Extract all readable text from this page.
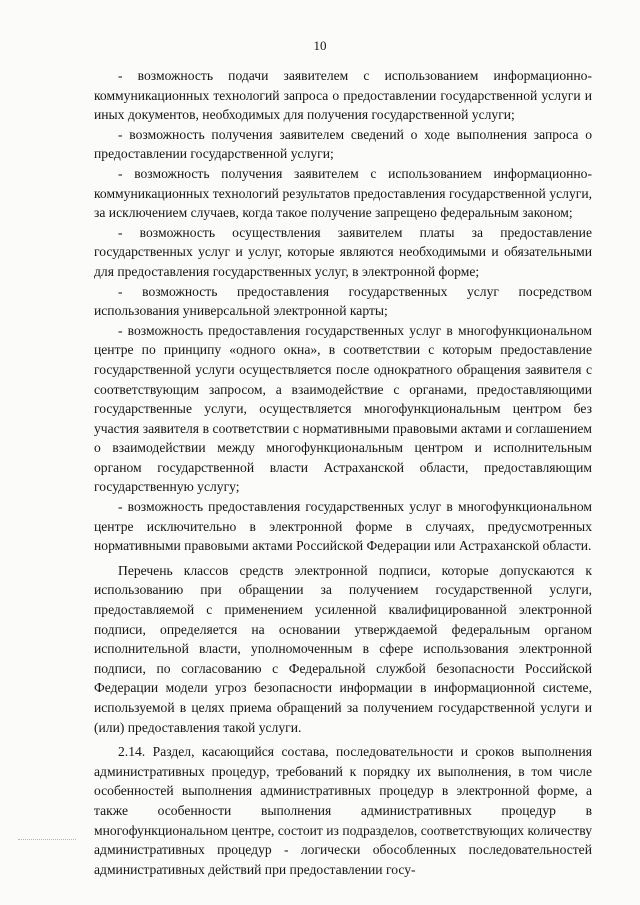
10

- возможность подачи заявителем с использованием информационно-коммуникационных технологий запроса о предоставлении государственной услуги и иных документов, необходимых для получения государственной услуги;

- возможность получения заявителем сведений о ходе выполнения запроса о предоставлении государственной услуги;

- возможность получения заявителем с использованием информационно-коммуникационных технологий результатов предоставления государственной услуги, за исключением случаев, когда такое получение запрещено федеральным законом;

- возможность осуществления заявителем платы за предоставление государственных услуг и услуг, которые являются необходимыми и обязательными для предоставления государственных услуг, в электронной форме;

- возможность предоставления государственных услуг посредством использования универсальной электронной карты;

- возможность предоставления государственных услуг в многофункциональном центре по принципу «одного окна», в соответствии с которым предоставление государственной услуги осуществляется после однократного обращения заявителя с соответствующим запросом, а взаимодействие с органами, предоставляющими государственные услуги, осуществляется многофункциональным центром без участия заявителя в соответствии с нормативными правовыми актами и соглашением о взаимодействии между многофункциональным центром и исполнительным органом государственной власти Астраханской области, предоставляющим государственную услугу;

- возможность предоставления государственных услуг в многофункциональном центре исключительно в электронной форме в случаях, предусмотренных нормативными правовыми актами Российской Федерации или Астраханской области.

Перечень классов средств электронной подписи, которые допускаются к использованию при обращении за получением государственной услуги, предоставляемой с применением усиленной квалифицированной электронной подписи, определяется на основании утверждаемой федеральным органом исполнительной власти, уполномоченным в сфере использования электронной подписи, по согласованию с Федеральной службой безопасности Российской Федерации модели угроз безопасности информации в информационной системе, используемой в целях приема обращений за получением государственной услуги и (или) предоставления такой услуги.

2.14. Раздел, касающийся состава, последовательности и сроков выполнения административных процедур, требований к порядку их выполнения, в том числе особенностей выполнения административных процедур в электронной форме, а также особенности выполнения административных процедур в многофункциональном центре, состоит из подразделов, соответствующих количеству административных процедур - логически обособленных последовательностей административных действий при предоставлении госу-
